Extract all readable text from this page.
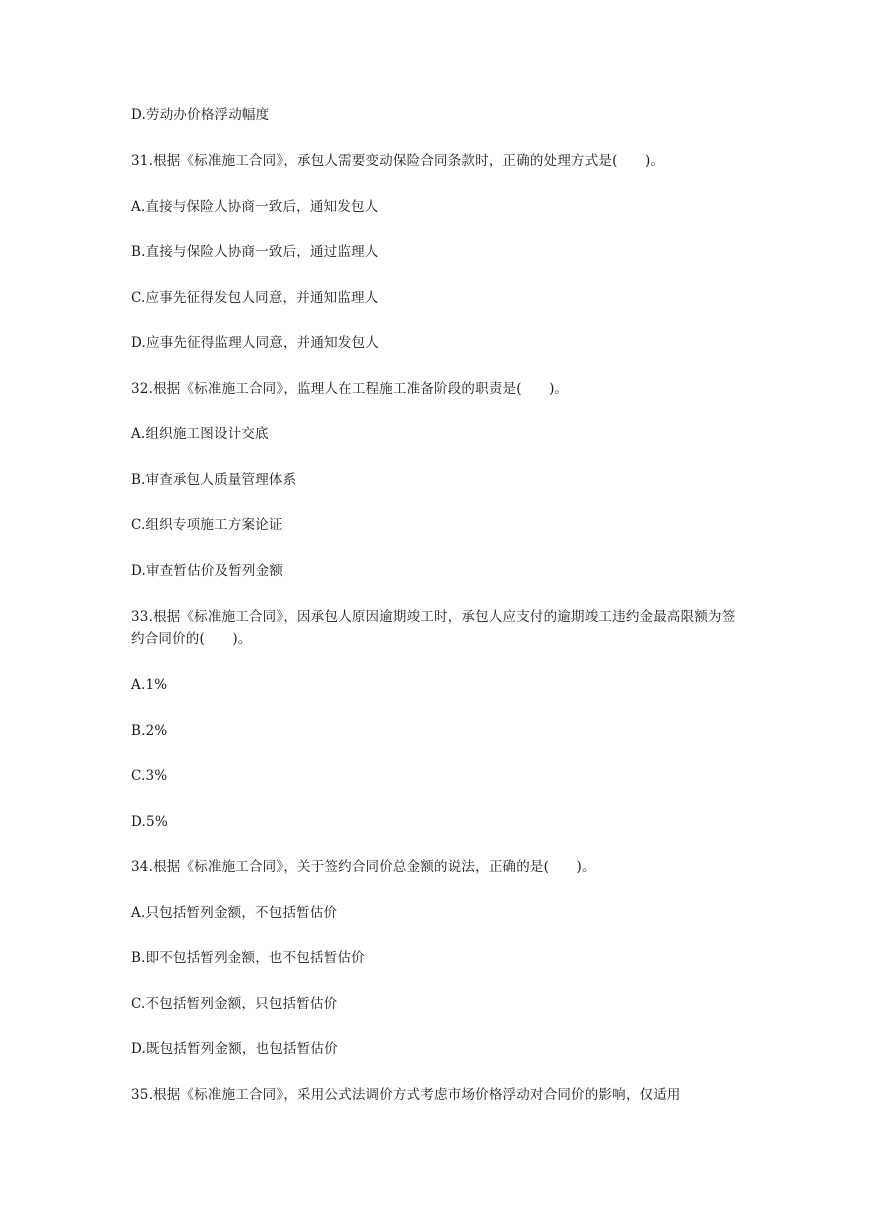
D.劳动办价格浮动幅度
31.根据《标准施工合同》，承包人需要变动保险合同条款时，正确的处理方式是(　　)。
A.直接与保险人协商一致后，通知发包人
B.直接与保险人协商一致后，通过监理人
C.应事先征得发包人同意，并通知监理人
D.应事先征得监理人同意，并通知发包人
32.根据《标准施工合同》，监理人在工程施工准备阶段的职责是(　　)。
A.组织施工图设计交底
B.审查承包人质量管理体系
C.组织专项施工方案论证
D.审查暂估价及暂列金额
33.根据《标准施工合同》，因承包人原因逾期竣工时，承包人应支付的逾期竣工违约金最高限额为签约合同价的(　　)。
A.1%
B.2%
C.3%
D.5%
34.根据《标准施工合同》，关于签约合同价总金额的说法，正确的是(　　)。
A.只包括暂列金额，不包括暂估价
B.即不包括暂列金额，也不包括暂估价
C.不包括暂列金额，只包括暂估价
D.既包括暂列金额，也包括暂估价
35.根据《标准施工合同》，采用公式法调价方式考虑市场价格浮动对合同价的影响，仅适用
